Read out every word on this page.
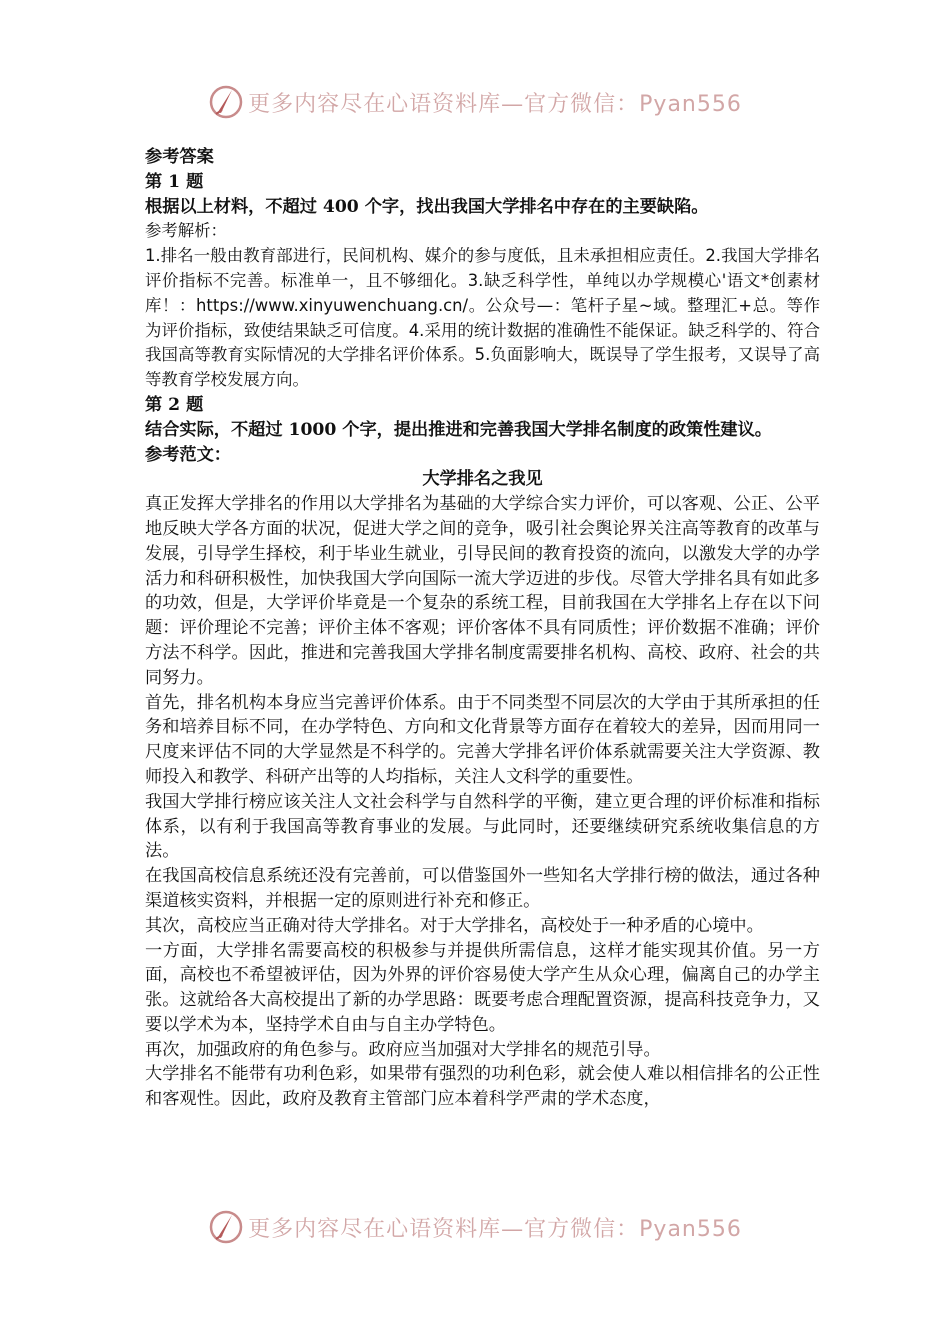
更多内容尽在心语资料库—官方微信：Pyan556

参考答案

第 1 题

根据以上材料，不超过 400 个字，找出我国大学排名中存在的主要缺陷。

参考解析：

1.排名一般由教育部进行，民间机构、媒介的参与度低，且未承担相应责任。2.我国大学排名评价指标不完善。标准单一，且不够细化。3.缺乏科学性，单纯以办学规模心'语文*创素材库！：https://www.xinyuwenchuang.cn/。公众号—：笔杆子星~域。整理汇+总。等作为评价指标，致使结果缺乏可信度。4.采用的统计数据的准确性不能保证。缺乏科学的、符合我国高等教育实际情况的大学排名评价体系。5.负面影响大，既误导了学生报考，又误导了高等教育学校发展方向。

第 2 题

结合实际，不超过 1000 个字，提出推进和完善我国大学排名制度的政策性建议。

参考范文：

大学排名之我见

真正发挥大学排名的作用以大学排名为基础的大学综合实力评价，可以客观、公正、公平地反映大学各方面的状况，促进大学之间的竞争，吸引社会舆论界关注高等教育的改革与发展，引导学生择校，利于毕业生就业，引导民间的教育投资的流向，以激发大学的办学活力和科研积极性，加快我国大学向国际一流大学迈进的步伐。尽管大学排名具有如此多的功效，但是，大学评价毕竟是一个复杂的系统工程，目前我国在大学排名上存在以下问题：评价理论不完善；评价主体不客观；评价客体不具有同质性；评价数据不准确；评价方法不科学。因此，推进和完善我国大学排名制度需要排名机构、高校、政府、社会的共同努力。

首先，排名机构本身应当完善评价体系。由于不同类型不同层次的大学由于其所承担的任务和培养目标不同，在办学特色、方向和文化背景等方面存在着较大的差异，因而用同一尺度来评估不同的大学显然是不科学的。完善大学排名评价体系就需要关注大学资源、教师投入和教学、科研产出等的人均指标，关注人文科学的重要性。

我国大学排行榜应该关注人文社会科学与自然科学的平衡，建立更合理的评价标准和指标体系，以有利于我国高等教育事业的发展。与此同时，还要继续研究系统收集信息的方法。

在我国高校信息系统还没有完善前，可以借鉴国外一些知名大学排行榜的做法，通过各种渠道核实资料，并根据一定的原则进行补充和修正。

其次，高校应当正确对待大学排名。对于大学排名，高校处于一种矛盾的心境中。

一方面，大学排名需要高校的积极参与并提供所需信息，这样才能实现其价值。另一方面，高校也不希望被评估，因为外界的评价容易使大学产生从众心理，偏离自己的办学主张。这就给各大高校提出了新的办学思路：既要考虑合理配置资源，提高科技竞争力，又要以学术为本，坚持学术自由与自主办学特色。

再次，加强政府的角色参与。政府应当加强对大学排名的规范引导。

大学排名不能带有功利色彩，如果带有强烈的功利色彩，就会使人难以相信排名的公正性和客观性。因此，政府及教育主管部门应本着科学严肃的学术态度，

更多内容尽在心语资料库—官方微信：Pyan556
